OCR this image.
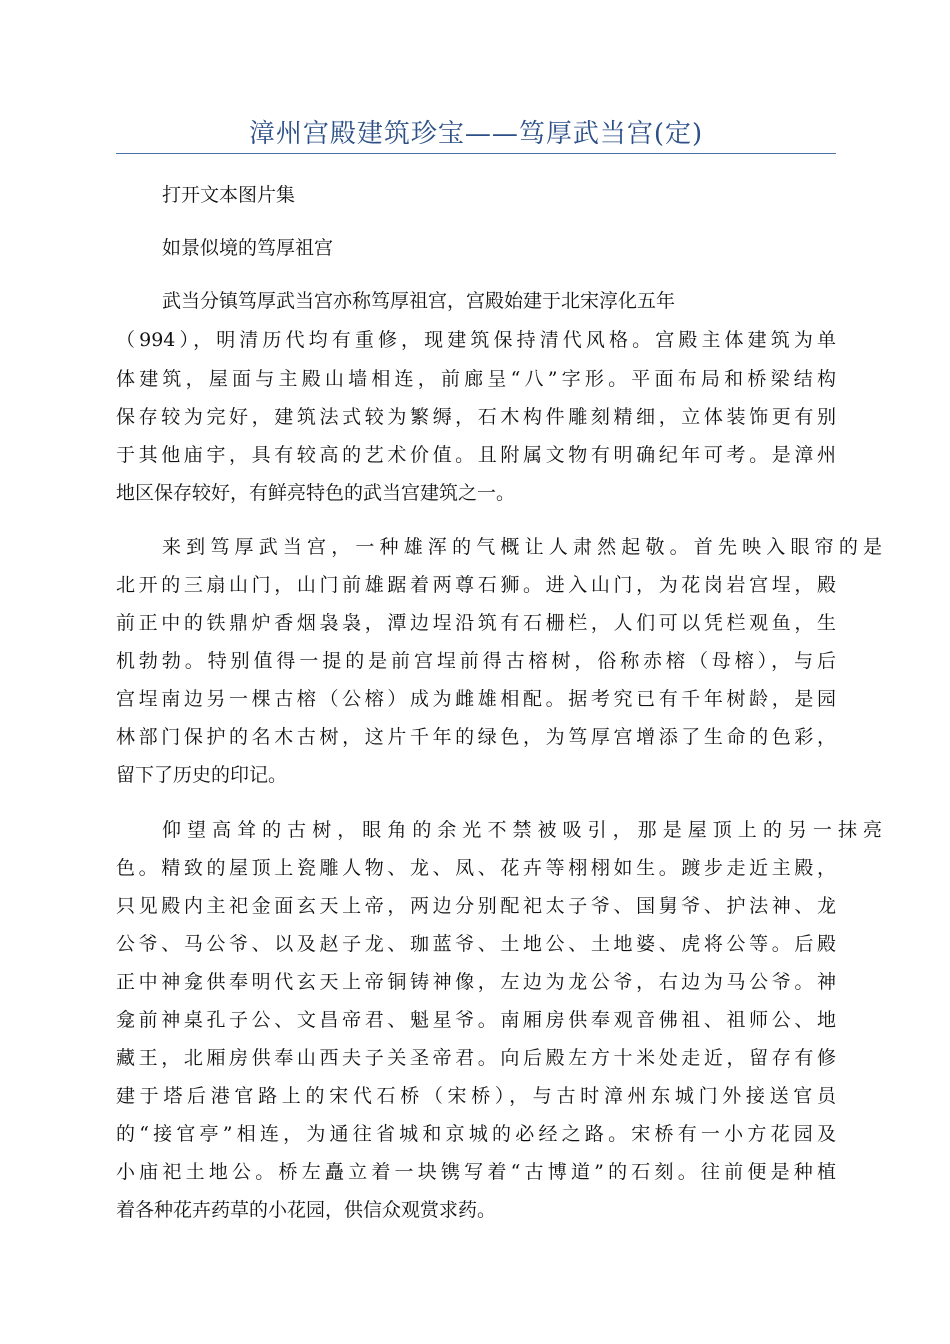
漳州宫殿建筑珍宝——笃厚武当宫(定)
打开文本图片集
如景似境的笃厚祖宫
武当分镇笃厚武当宫亦称笃厚祖宫，宫殿始建于北宋淳化五年
（994），明清历代均有重修，现建筑保持清代风格。宫殿主体建筑为单
体建筑，屋面与主殿山墙相连，前廊呈“八”字形。平面布局和桥梁结构
保存较为完好，建筑法式较为繁缛，石木构件雕刻精细，立体装饰更有别
于其他庙宇，具有较高的艺术价值。且附属文物有明确纪年可考。是漳州
地区保存较好，有鲜亮特色的武当宫建筑之一。
来到笃厚武当宫，一种雄浑的气概让人肃然起敬。首先映入眼帘的是
北开的三扇山门，山门前雄踞着两尊石狮。进入山门，为花岗岩宫埕，殿
前正中的铁鼎炉香烟袅袅，潭边埕沿筑有石栅栏，人们可以凭栏观鱼，生
机勃勃。特别值得一提的是前宫埕前得古榕树，俗称赤榕（母榕），与后
宫埕南边另一棵古榕（公榕）成为雌雄相配。据考究已有千年树龄，是园
林部门保护的名木古树，这片千年的绿色，为笃厚宫增添了生命的色彩，
留下了历史的印记。
仰望高耸的古树，眼角的余光不禁被吸引，那是屋顶上的另一抹亮
色。精致的屋顶上瓷雕人物、龙、凤、花卉等栩栩如生。踱步走近主殿，
只见殿内主祀金面玄天上帝，两边分别配祀太子爷、国舅爷、护法神、龙
公爷、马公爷、以及赵子龙、珈蓝爷、土地公、土地婆、虎将公等。后殿
正中神龛供奉明代玄天上帝铜铸神像，左边为龙公爷，右边为马公爷。神
龛前神桌孔子公、文昌帝君、魁星爷。南厢房供奉观音佛祖、祖师公、地
藏王，北厢房供奉山西夫子关圣帝君。向后殿左方十米处走近，留存有修
建于塔后港官路上的宋代石桥（宋桥），与古时漳州东城门外接送官员
的“接官亭”相连，为通往省城和京城的必经之路。宋桥有一小方花园及
小庙祀土地公。桥左矗立着一块镌写着“古博道”的石刻。往前便是种植
着各种花卉药草的小花园，供信众观赏求药。
